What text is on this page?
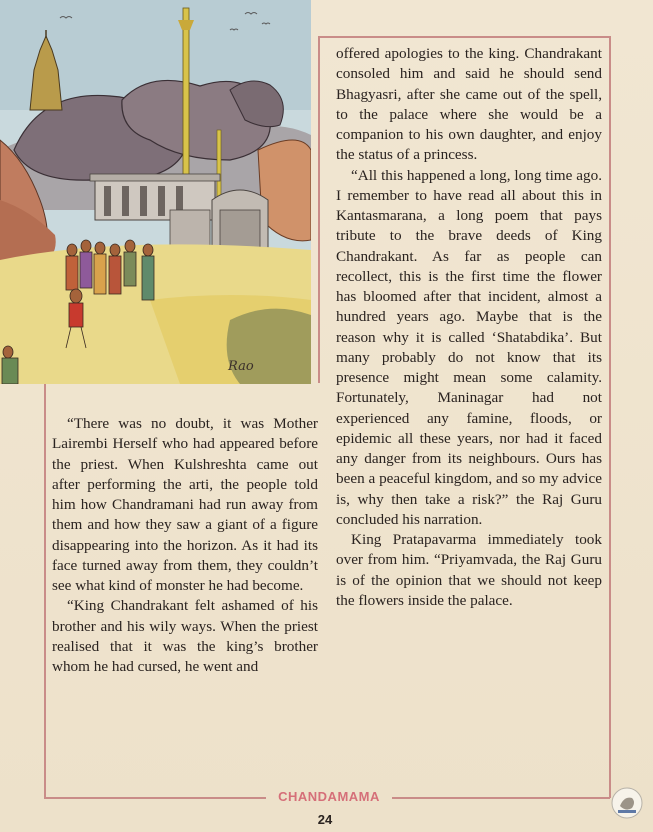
Rao

offered apologies to the king. Chandrakant consoled him and said he should send Bhagyasri, after she came out of the spell, to the palace where she would be a companion to his own daughter, and enjoy the status of a princess.

“All this happened a long, long time ago. I remember to have read all about this in Kantasmarana, a long poem that pays tribute to the brave deeds of King Chandrakant. As far as people can recollect, this is the first time the flower has bloomed after that incident, almost a hundred years ago. Maybe that is the reason why it is called ‘Shatabdika’. But many probably do not know that its presence might mean some calamity. Fortunately, Maninagar had not experienced any famine, floods, or epidemic all these years, nor had it faced any danger from its neighbours. Ours has been a peaceful kingdom, and so my advice is, why then take a risk?” the Raj Guru concluded his narration.

King Pratapavarma immediately took over from him. “Priyamvada, the Raj Guru is of the opinion that we should not keep the flowers inside the palace.

“There was no doubt, it was Mother Lairembi Herself who had appeared before the priest. When Kulshreshta came out after performing the arti, the people told him how Chandramani had run away from them and how they saw a giant of a figure disappearing into the horizon. As it had its face turned away from them, they couldn’t see what kind of monster he had become.

“King Chandrakant felt ashamed of his brother and his wily ways. When the priest realised that it was the king’s brother whom he had cursed, he went and

CHANDAMAMA
24
